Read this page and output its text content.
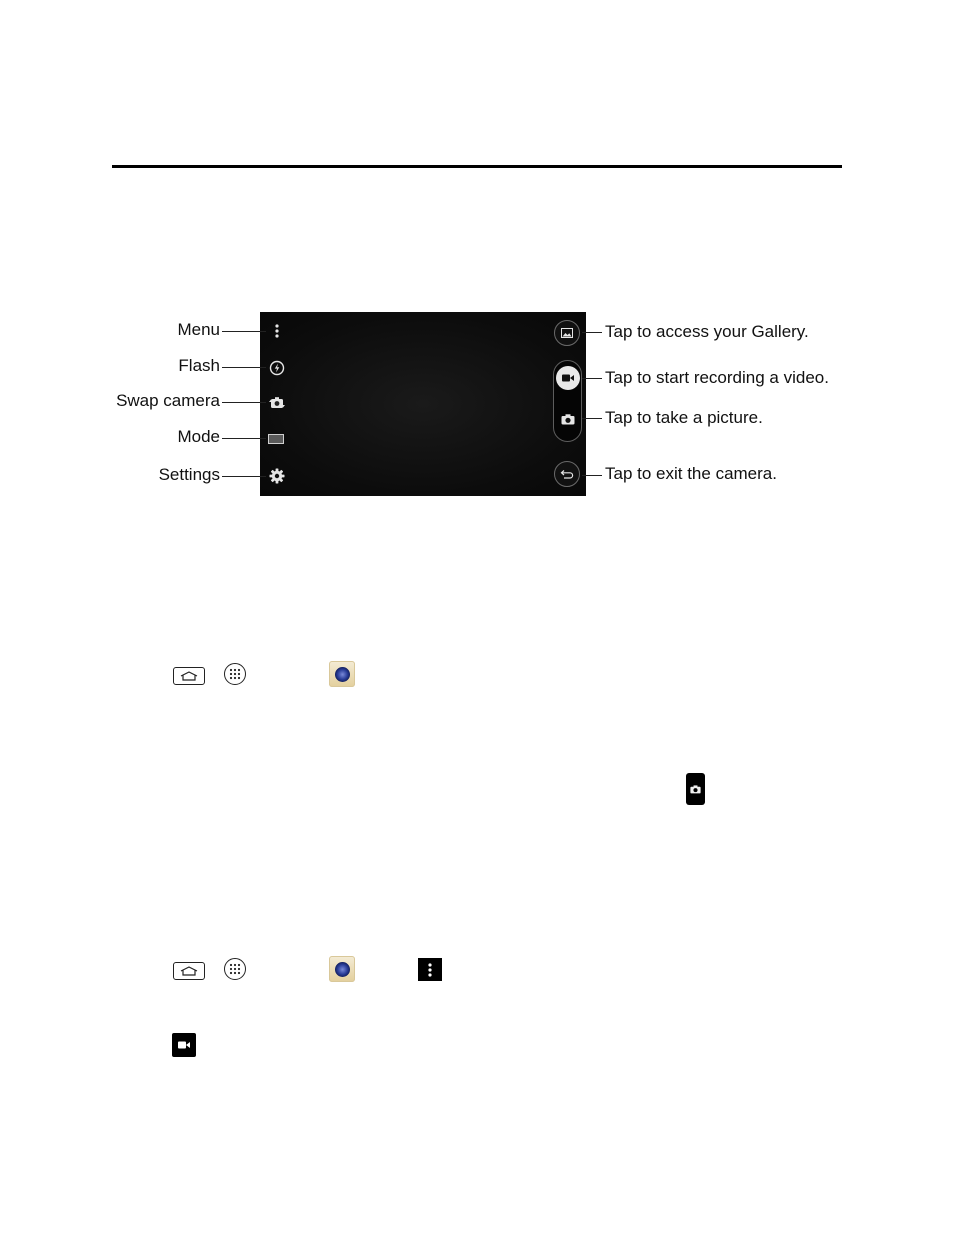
Menu
Flash
Swap camera
Mode
Settings
Tap to access your Gallery.
Tap to start recording a video.
Tap to take a picture.
Tap to exit the camera.
